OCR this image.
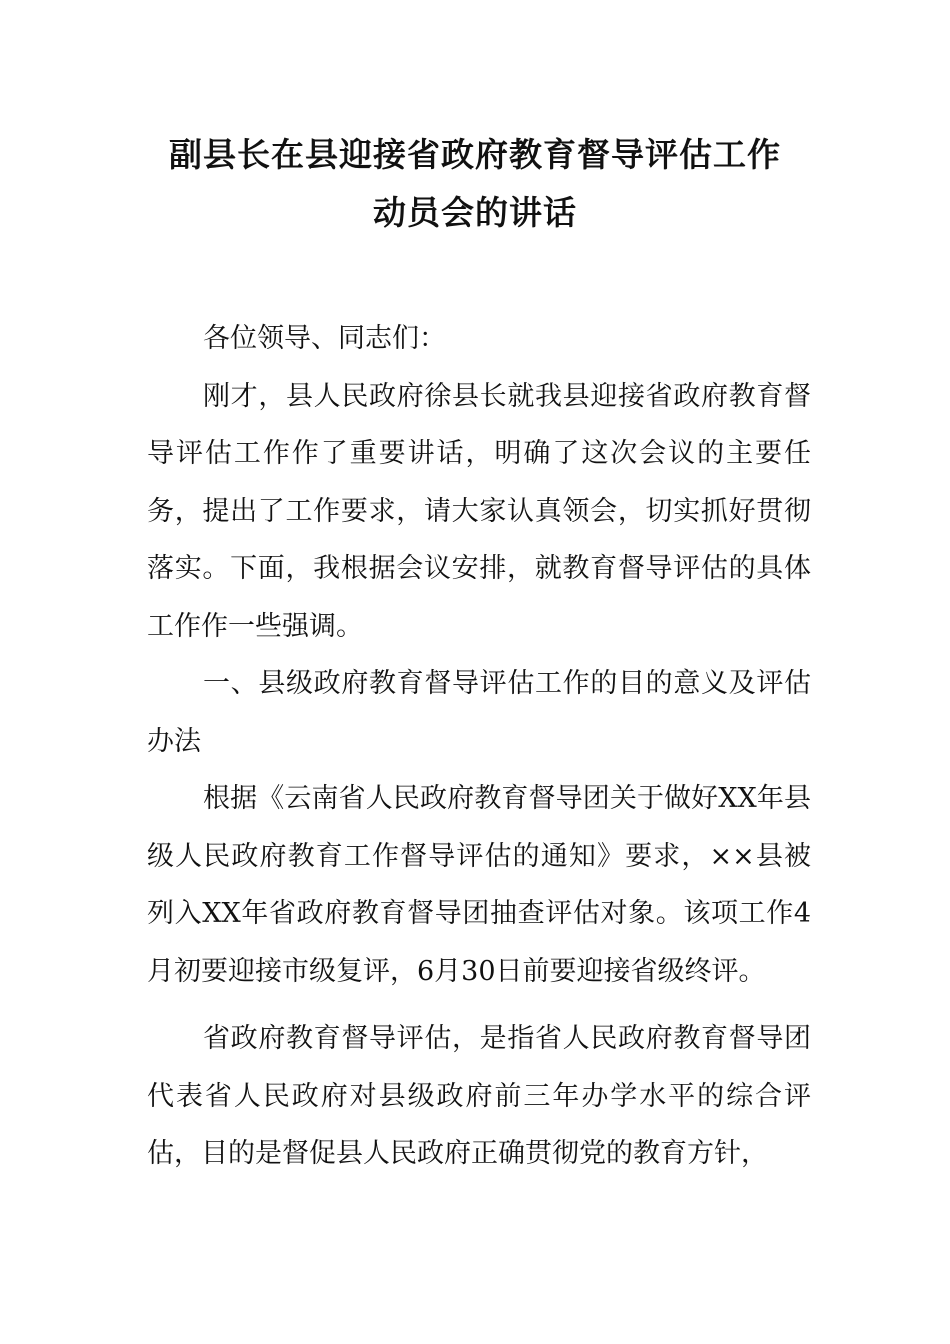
副县长在县迎接省政府教育督导评估工作
动员会的讲话

各位领导、同志们：

刚才，县人民政府徐县长就我县迎接省政府教育督导评估工作作了重要讲话，明确了这次会议的主要任务，提出了工作要求，请大家认真领会，切实抓好贯彻落实。下面，我根据会议安排，就教育督导评估的具体工作作一些强调。

一、县级政府教育督导评估工作的目的意义及评估办法

根据《云南省人民政府教育督导团关于做好XX年县级人民政府教育工作督导评估的通知》要求，××县被列入XX年省政府教育督导团抽查评估对象。该项工作4月初要迎接市级复评，6月30日前要迎接省级终评。

省政府教育督导评估，是指省人民政府教育督导团代表省人民政府对县级政府前三年办学水平的综合评估，目的是督促县人民政府正确贯彻党的教育方针，
